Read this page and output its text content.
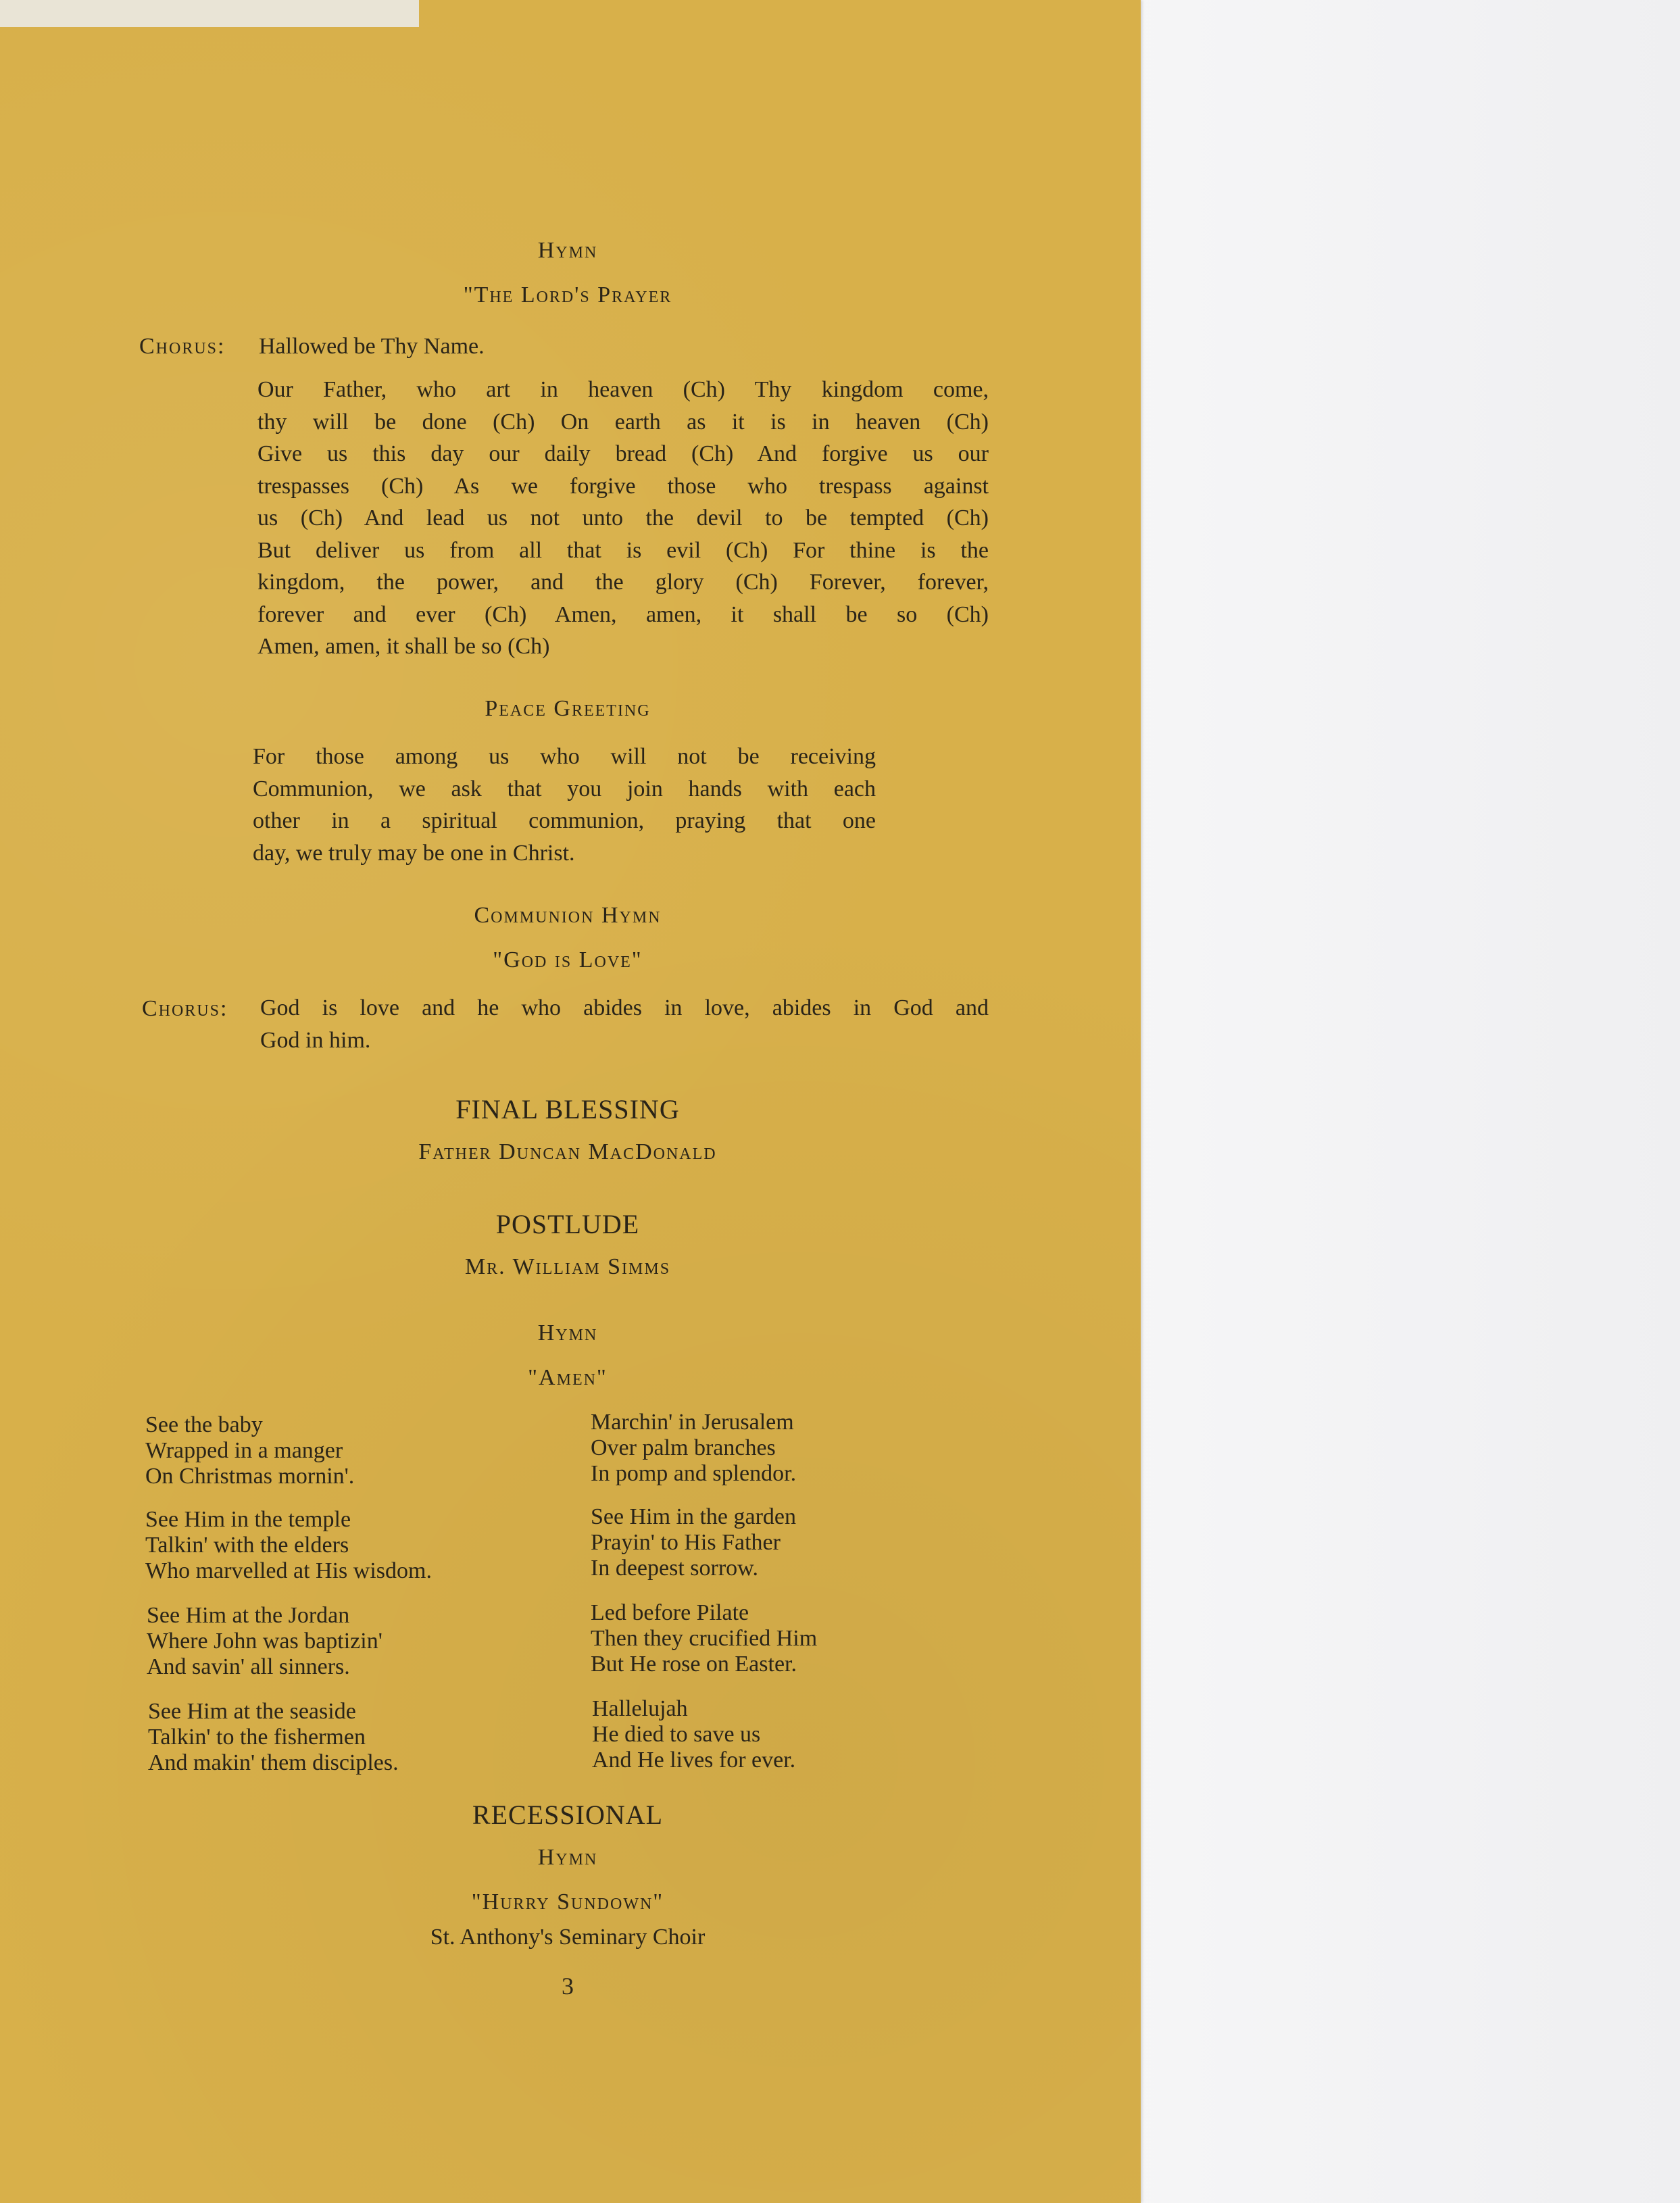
Hymn
"The Lord's Prayer
Chorus: Hallowed be Thy Name.
Our Father, who art in heaven (Ch) Thy kingdom come,
thy will be done (Ch) On earth as it is in heaven (Ch)
Give us this day our daily bread (Ch) And forgive us our
trespasses (Ch) As we forgive those who trespass against
us (Ch) And lead us not unto the devil to be tempted (Ch)
But deliver us from all that is evil (Ch) For thine is the
kingdom, the power, and the glory (Ch) Forever, forever,
forever and ever (Ch) Amen, amen, it shall be so (Ch)
Amen, amen, it shall be so (Ch)
Peace Greeting
For those among us who will not be receiving
Communion, we ask that you join hands with each
other in a spiritual communion, praying that one
day, we truly may be one in Christ.
Communion Hymn
"God is Love"
Chorus: God is love and he who abides in love, abides in God and
God in him.
FINAL BLESSING
Father Duncan MacDonald
POSTLUDE
Mr. William Simms
Hymn
"Amen"
See the baby
Wrapped in a manger
On Christmas mornin'.
See Him in the temple
Talkin' with the elders
Who marvelled at His wisdom.
See Him at the Jordan
Where John was baptizin'
And savin' all sinners.
See Him at the seaside
Talkin' to the fishermen
And makin' them disciples.
Marchin' in Jerusalem
Over palm branches
In pomp and splendor.
See Him in the garden
Prayin' to His Father
In deepest sorrow.
Led before Pilate
Then they crucified Him
But He rose on Easter.
Hallelujah
He died to save us
And He lives for ever.
RECESSIONAL
Hymn
"Hurry Sundown"
St. Anthony's Seminary Choir
3
